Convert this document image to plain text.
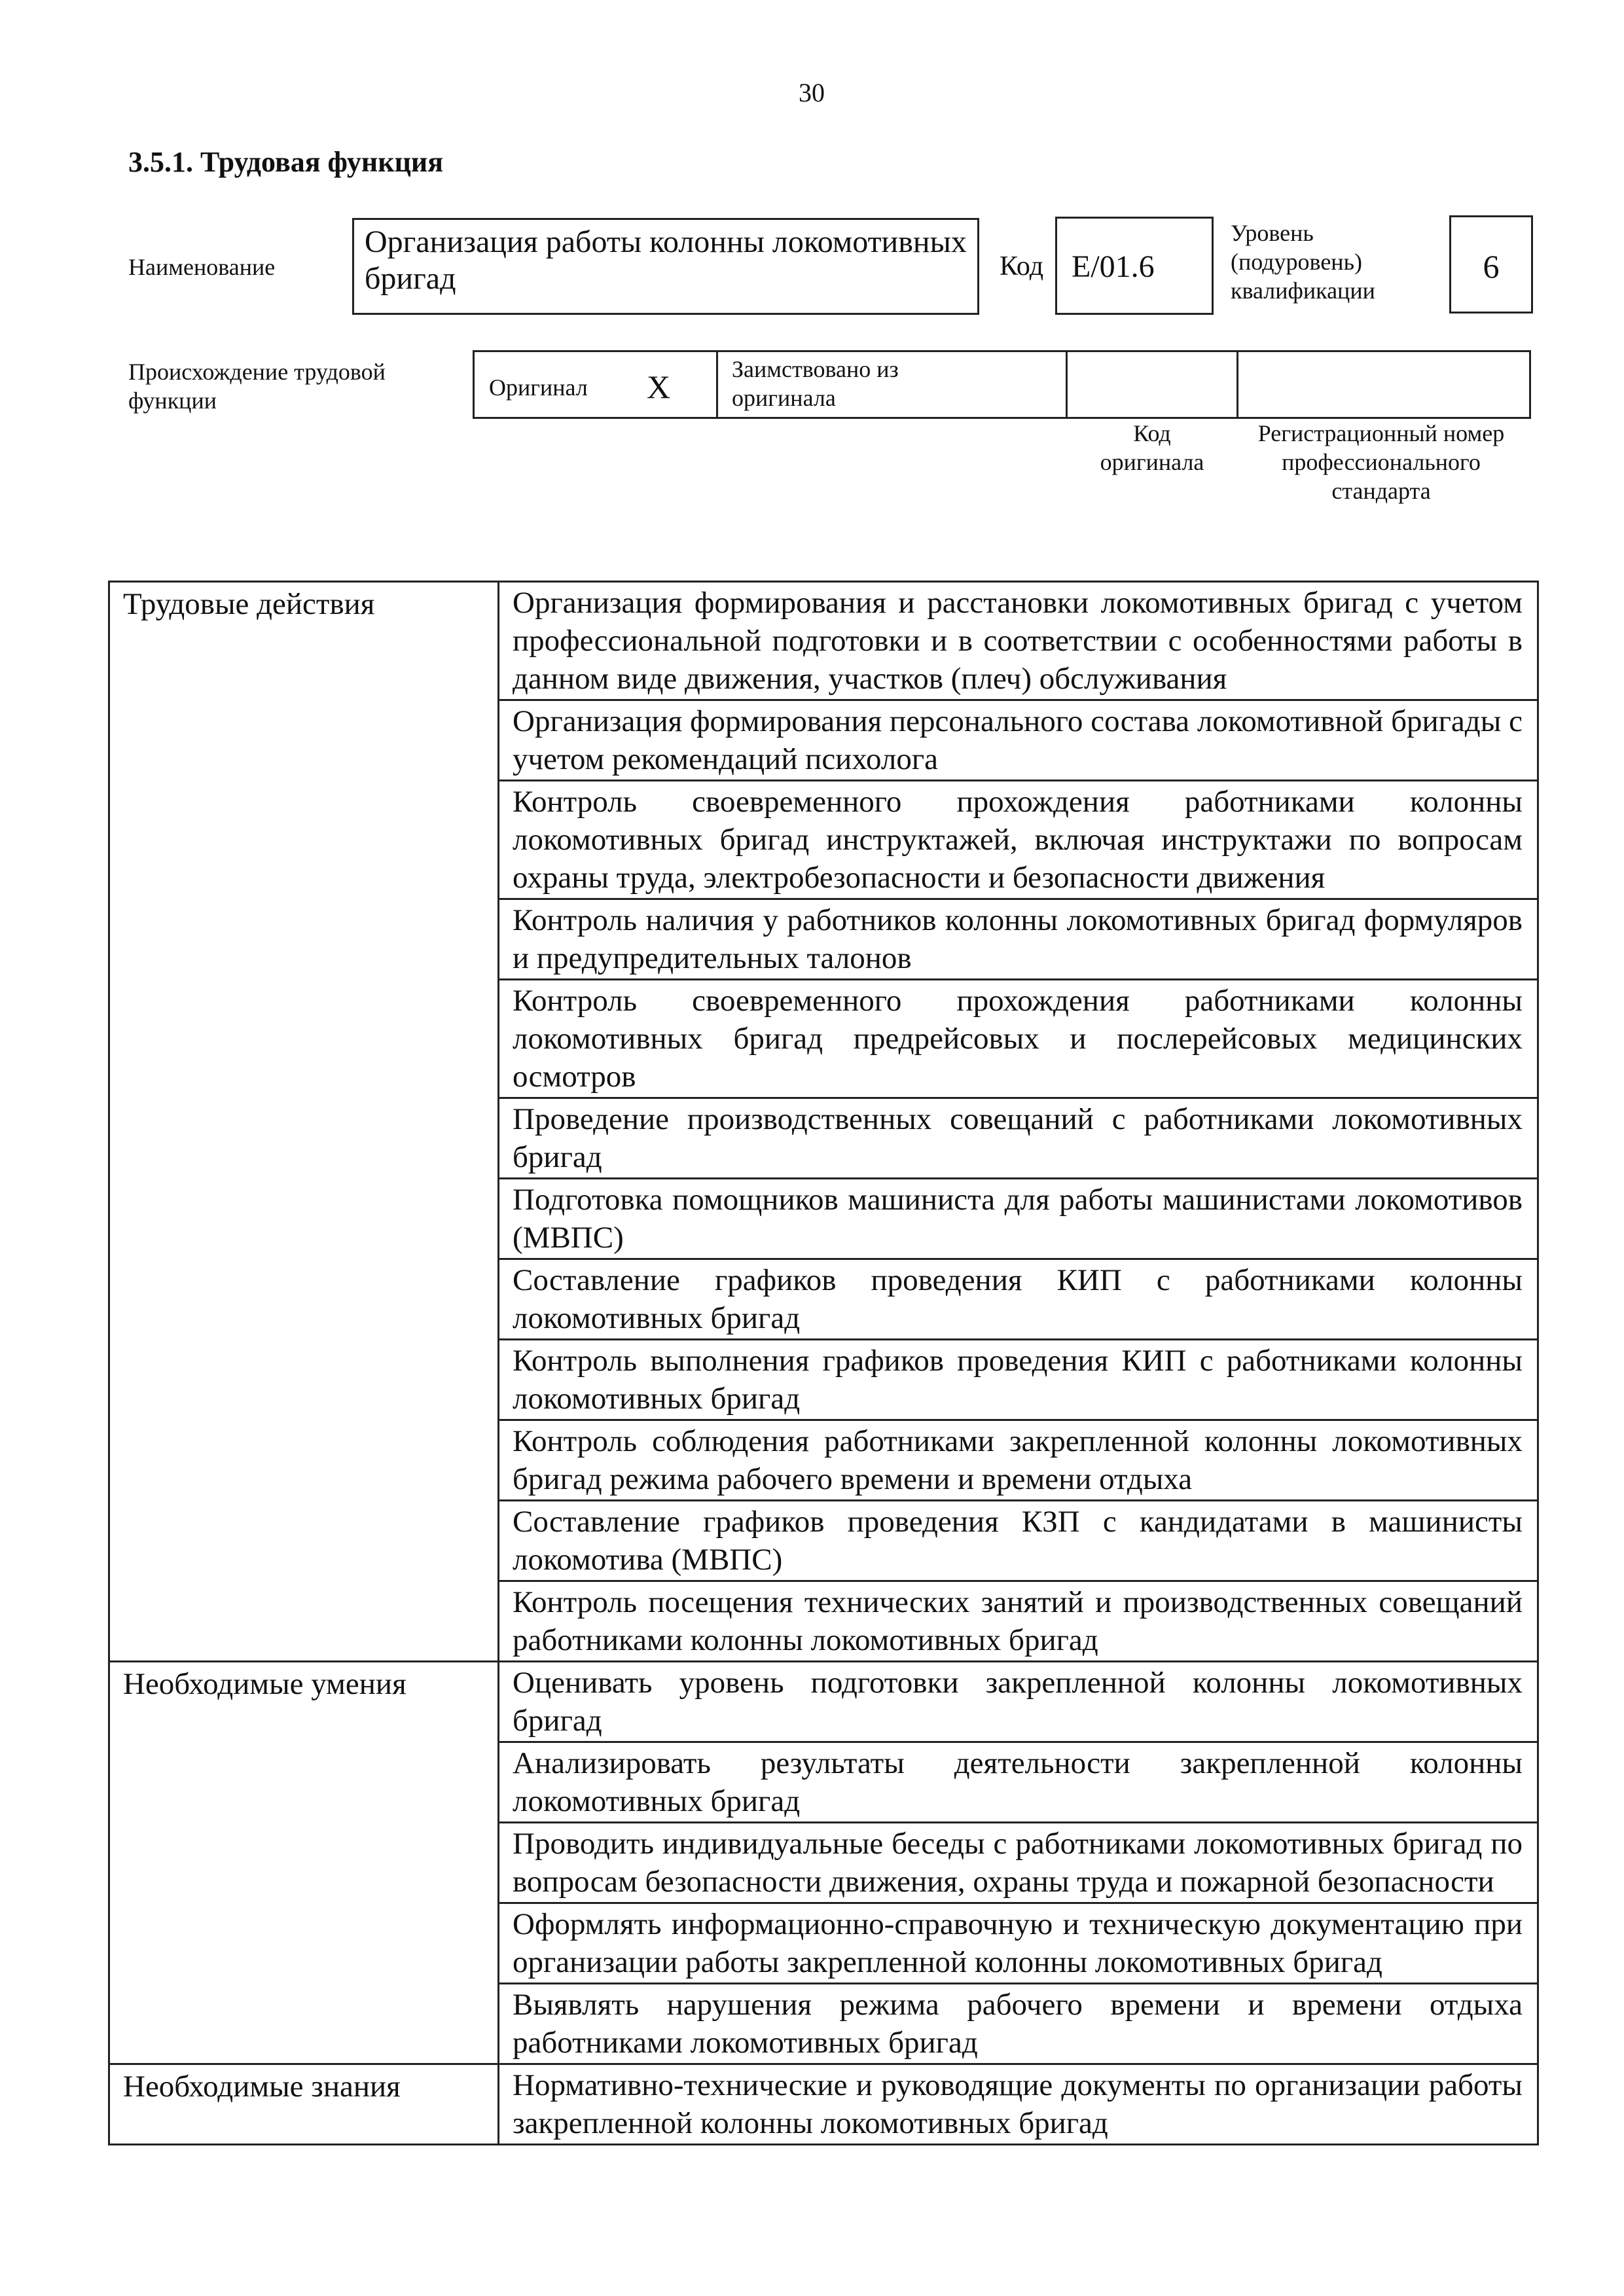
30
3.5.1. Трудовая функция
Наименование
Организация работы колонны локомотивных бригад	Код E/01.6
Уровень (подуровень) квалификации
6
Происхождение трудовой функции	Оригинал X	Заимствовано из оригинала
Код оригинала
Регистрационный номер профессионального стандарта
Трудовые действия	Организация формирования и расстановки локомотивных бригад с учетом профессиональной подготовки и в соответствии с особенностями работы в данном виде движения, участков (плеч) обслуживания
	Организация формирования персонального состава локомотивной бригады с учетом рекомендаций психолога
	Контроль своевременного прохождения работниками колонны локомотивных бригад инструктажей, включая инструктажи по вопросам охраны труда, электробезопасности и безопасности движения
	Контроль наличия у работников колонны локомотивных бригад формуляров и предупредительных талонов
	Контроль своевременного прохождения работниками колонны локомотивных бригад предрейсовых и послерейсовых медицинских осмотров
	Проведение производственных совещаний с работниками локомотивных бригад
	Подготовка помощников машиниста для работы машинистами локомотивов (МВПС)
	Составление графиков проведения КИП с работниками колонны локомотивных бригад
	Контроль выполнения графиков проведения КИП с работниками колонны локомотивных бригад
	Контроль соблюдения работниками закрепленной колонны локомотивных бригад режима рабочего времени и времени отдыха
	Составление графиков проведения КЗП с кандидатами в машинисты локомотива (МВПС)
	Контроль посещения технических занятий и производственных совещаний работниками колонны локомотивных бригад
Необходимые умения	Оценивать уровень подготовки закрепленной колонны локомотивных бригад
	Анализировать результаты деятельности закрепленной колонны локомотивных бригад
	Проводить индивидуальные беседы с работниками локомотивных бригад по вопросам безопасности движения, охраны труда и пожарной безопасности
	Оформлять информационно-справочную и техническую документацию при организации работы закрепленной колонны локомотивных бригад
	Выявлять нарушения режима рабочего времени и времени отдыха работниками локомотивных бригад
Необходимые знания	Нормативно-технические и руководящие документы по организации работы закрепленной колонны локомотивных бригад
